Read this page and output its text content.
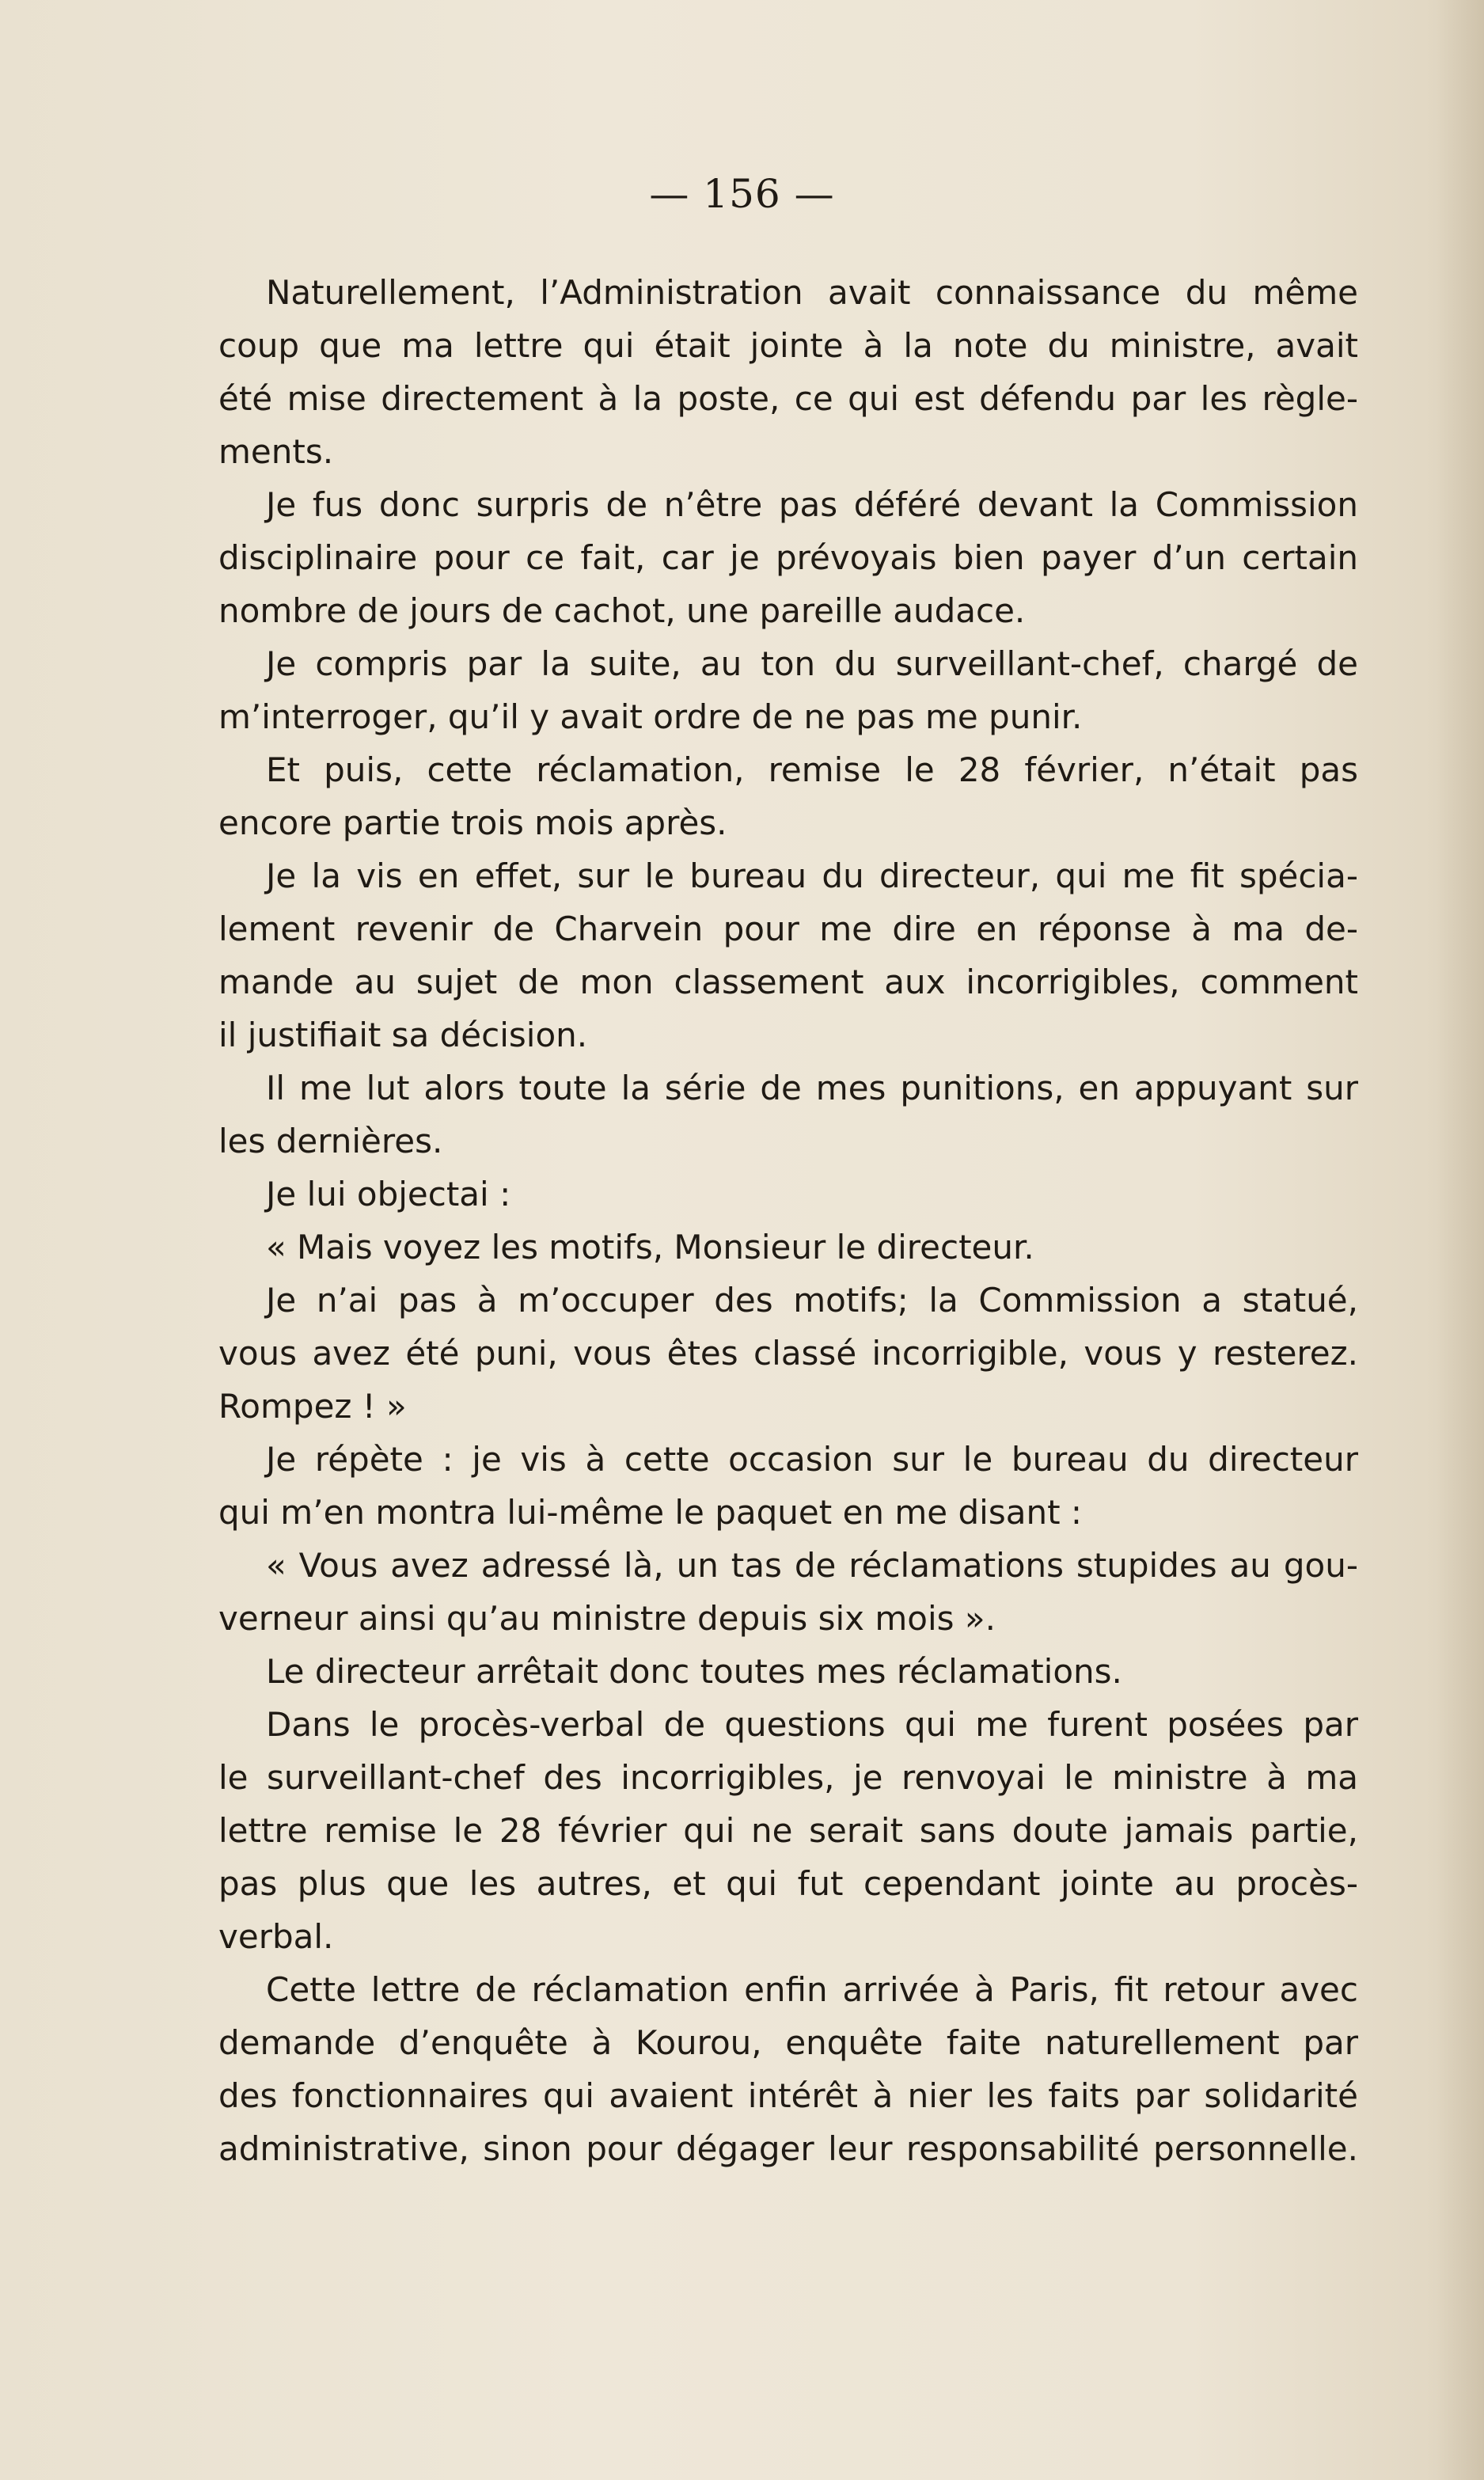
— 156 —
Naturellement, l’Administration avait connaissance du même
coup que ma lettre qui était jointe à la note du ministre, avait
été mise directement à la poste, ce qui est défendu par les règle-
ments.
Je fus donc surpris de n’être pas déféré devant la Commission
disciplinaire pour ce fait, car je prévoyais bien payer d’un certain
nombre de jours de cachot, une pareille audace.
Je compris par la suite, au ton du surveillant-chef, chargé de
m’interroger, qu’il y avait ordre de ne pas me punir.
Et puis, cette réclamation, remise le 28 février, n’était pas
encore partie trois mois après.
Je la vis en effet, sur le bureau du directeur, qui me fit spécia-
lement revenir de Charvein pour me dire en réponse à ma de-
mande au sujet de mon classement aux incorrigibles, comment
il justifiait sa décision.
Il me lut alors toute la série de mes punitions, en appuyant sur
les dernières.
Je lui objectai :
« Mais voyez les motifs, Monsieur le directeur.
Je n’ai pas à m’occuper des motifs; la Commission a statué,
vous avez été puni, vous êtes classé incorrigible, vous y resterez.
Rompez ! »
Je répète : je vis à cette occasion sur le bureau du directeur
qui m’en montra lui-même le paquet en me disant :
« Vous avez adressé là, un tas de réclamations stupides au gou-
verneur ainsi qu’au ministre depuis six mois ».
Le directeur arrêtait donc toutes mes réclamations.
Dans le procès-verbal de questions qui me furent posées par
le surveillant-chef des incorrigibles, je renvoyai le ministre à ma
lettre remise le 28 février qui ne serait sans doute jamais partie,
pas plus que les autres, et qui fut cependant jointe au procès-
verbal.
Cette lettre de réclamation enfin arrivée à Paris, fit retour avec
demande d’enquête à Kourou, enquête faite naturellement par
des fonctionnaires qui avaient intérêt à nier les faits par solidarité
administrative, sinon pour dégager leur responsabilité personnelle.
